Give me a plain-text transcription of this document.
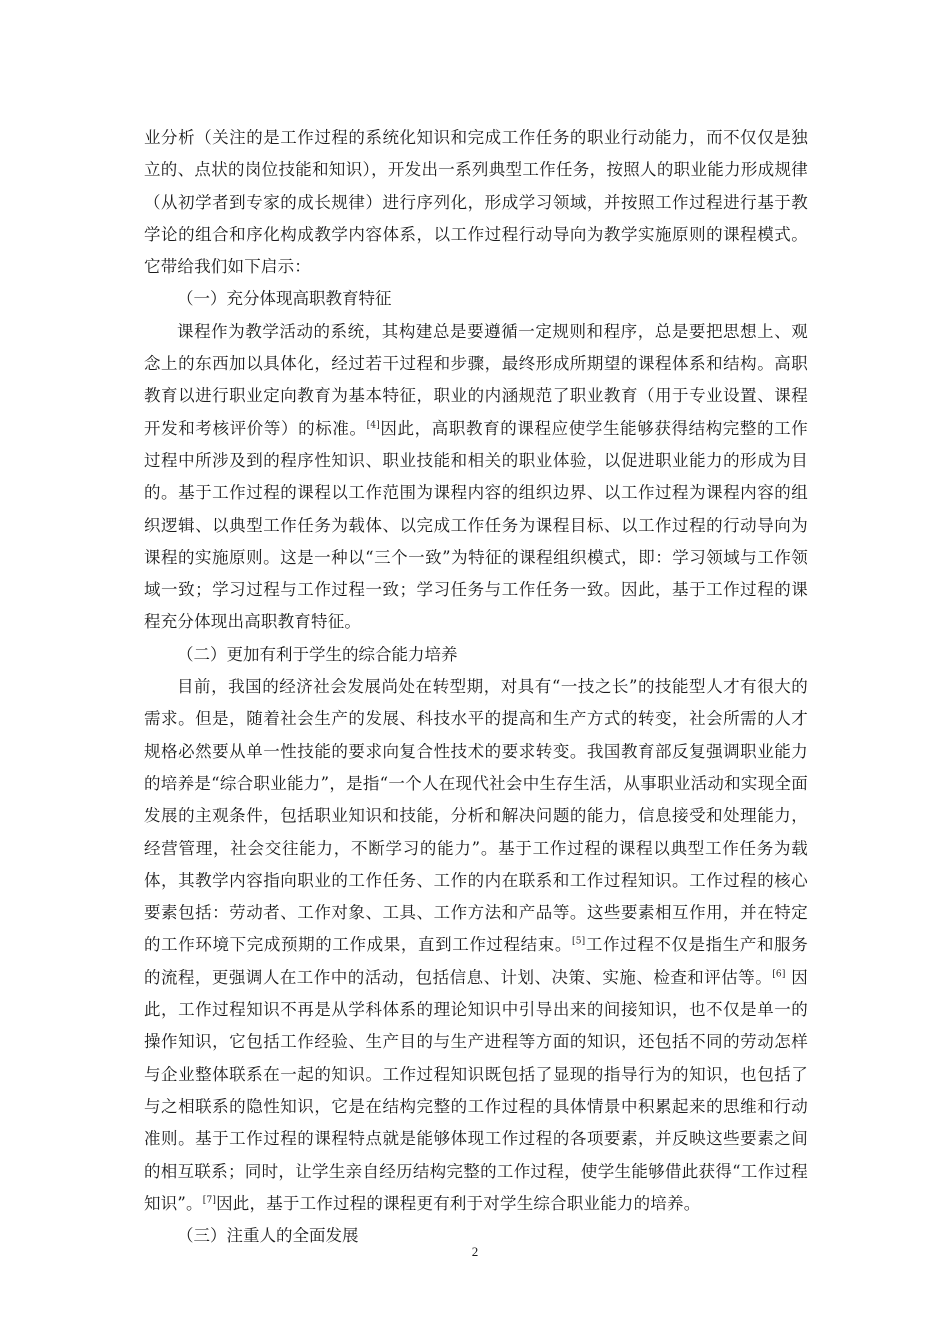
业分析（关注的是工作过程的系统化知识和完成工作任务的职业行动能力，而不仅仅是独立的、点状的岗位技能和知识），开发出一系列典型工作任务，按照人的职业能力形成规律（从初学者到专家的成长规律）进行序列化，形成学习领域，并按照工作过程进行基于教学论的组合和序化构成教学内容体系，以工作过程行动导向为教学实施原则的课程模式。它带给我们如下启示：

（一）充分体现高职教育特征

课程作为教学活动的系统，其构建总是要遵循一定规则和程序，总是要把思想上、观念上的东西加以具体化，经过若干过程和步骤，最终形成所期望的课程体系和结构。高职教育以进行职业定向教育为基本特征，职业的内涵规范了职业教育（用于专业设置、课程开发和考核评价等）的标准。[4]因此，高职教育的课程应使学生能够获得结构完整的工作过程中所涉及到的程序性知识、职业技能和相关的职业体验，以促进职业能力的形成为目的。基于工作过程的课程以工作范围为课程内容的组织边界、以工作过程为课程内容的组织逻辑、以典型工作任务为载体、以完成工作任务为课程目标、以工作过程的行动导向为课程的实施原则。这是一种以“三个一致”为特征的课程组织模式，即：学习领域与工作领域一致；学习过程与工作过程一致；学习任务与工作任务一致。因此，基于工作过程的课程充分体现出高职教育特征。

（二）更加有利于学生的综合能力培养

目前，我国的经济社会发展尚处在转型期，对具有“一技之长”的技能型人才有很大的需求。但是，随着社会生产的发展、科技水平的提高和生产方式的转变，社会所需的人才规格必然要从单一性技能的要求向复合性技术的要求转变。我国教育部反复强调职业能力的培养是“综合职业能力”，是指“一个人在现代社会中生存生活，从事职业活动和实现全面发展的主观条件，包括职业知识和技能，分析和解决问题的能力，信息接受和处理能力，经营管理，社会交往能力，不断学习的能力”。基于工作过程的课程以典型工作任务为载体，其教学内容指向职业的工作任务、工作的内在联系和工作过程知识。工作过程的核心要素包括：劳动者、工作对象、工具、工作方法和产品等。这些要素相互作用，并在特定的工作环境下完成预期的工作成果，直到工作过程结束。[5]工作过程不仅是指生产和服务的流程，更强调人在工作中的活动，包括信息、计划、决策、实施、检查和评估等。[6] 因此，工作过程知识不再是从学科体系的理论知识中引导出来的间接知识，也不仅是单一的操作知识，它包括工作经验、生产目的与生产进程等方面的知识，还包括不同的劳动怎样与企业整体联系在一起的知识。工作过程知识既包括了显现的指导行为的知识，也包括了与之相联系的隐性知识，它是在结构完整的工作过程的具体情景中积累起来的思维和行动准则。基于工作过程的课程特点就是能够体现工作过程的各项要素，并反映这些要素之间的相互联系；同时，让学生亲自经历结构完整的工作过程，使学生能够借此获得“工作过程知识”。[7]因此，基于工作过程的课程更有利于对学生综合职业能力的培养。

（三）注重人的全面发展

2
